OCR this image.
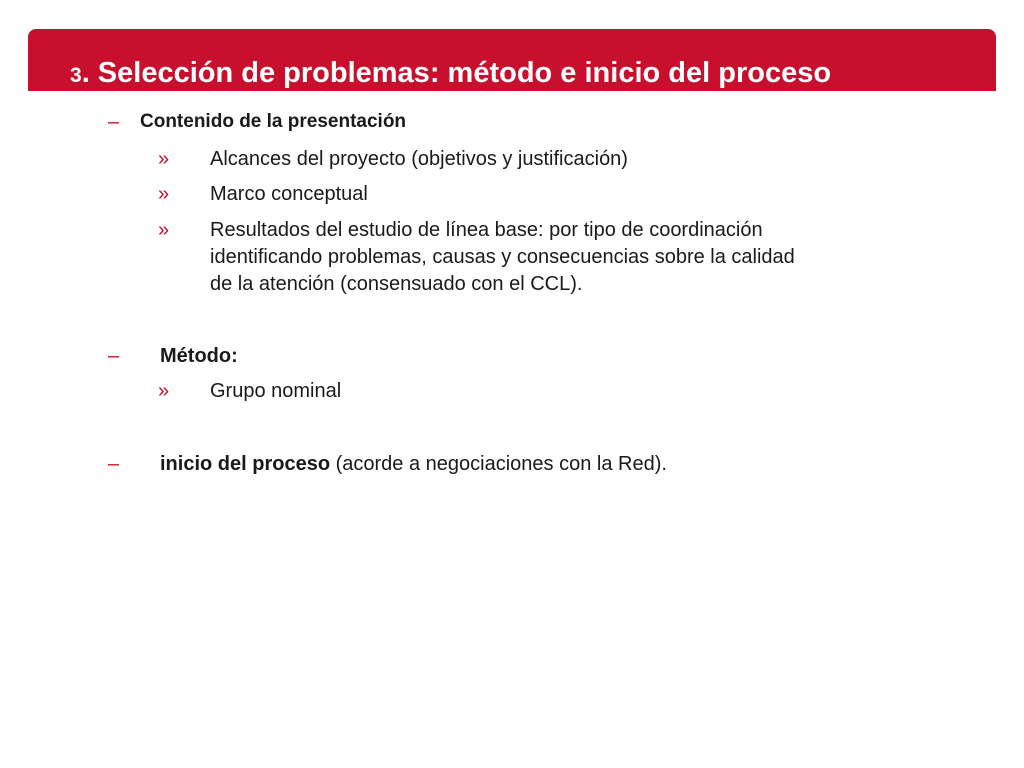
3. Selección de problemas: método e inicio del proceso
– Contenido de la presentación
» Alcances del proyecto (objetivos y justificación)
» Marco conceptual
» Resultados del estudio de línea base: por tipo de coordinación
identificando problemas, causas y consecuencias sobre la calidad
de la atención (consensuado con el CCL).
– Método:
» Grupo nominal
– inicio del proceso (acorde a negociaciones con la Red).
